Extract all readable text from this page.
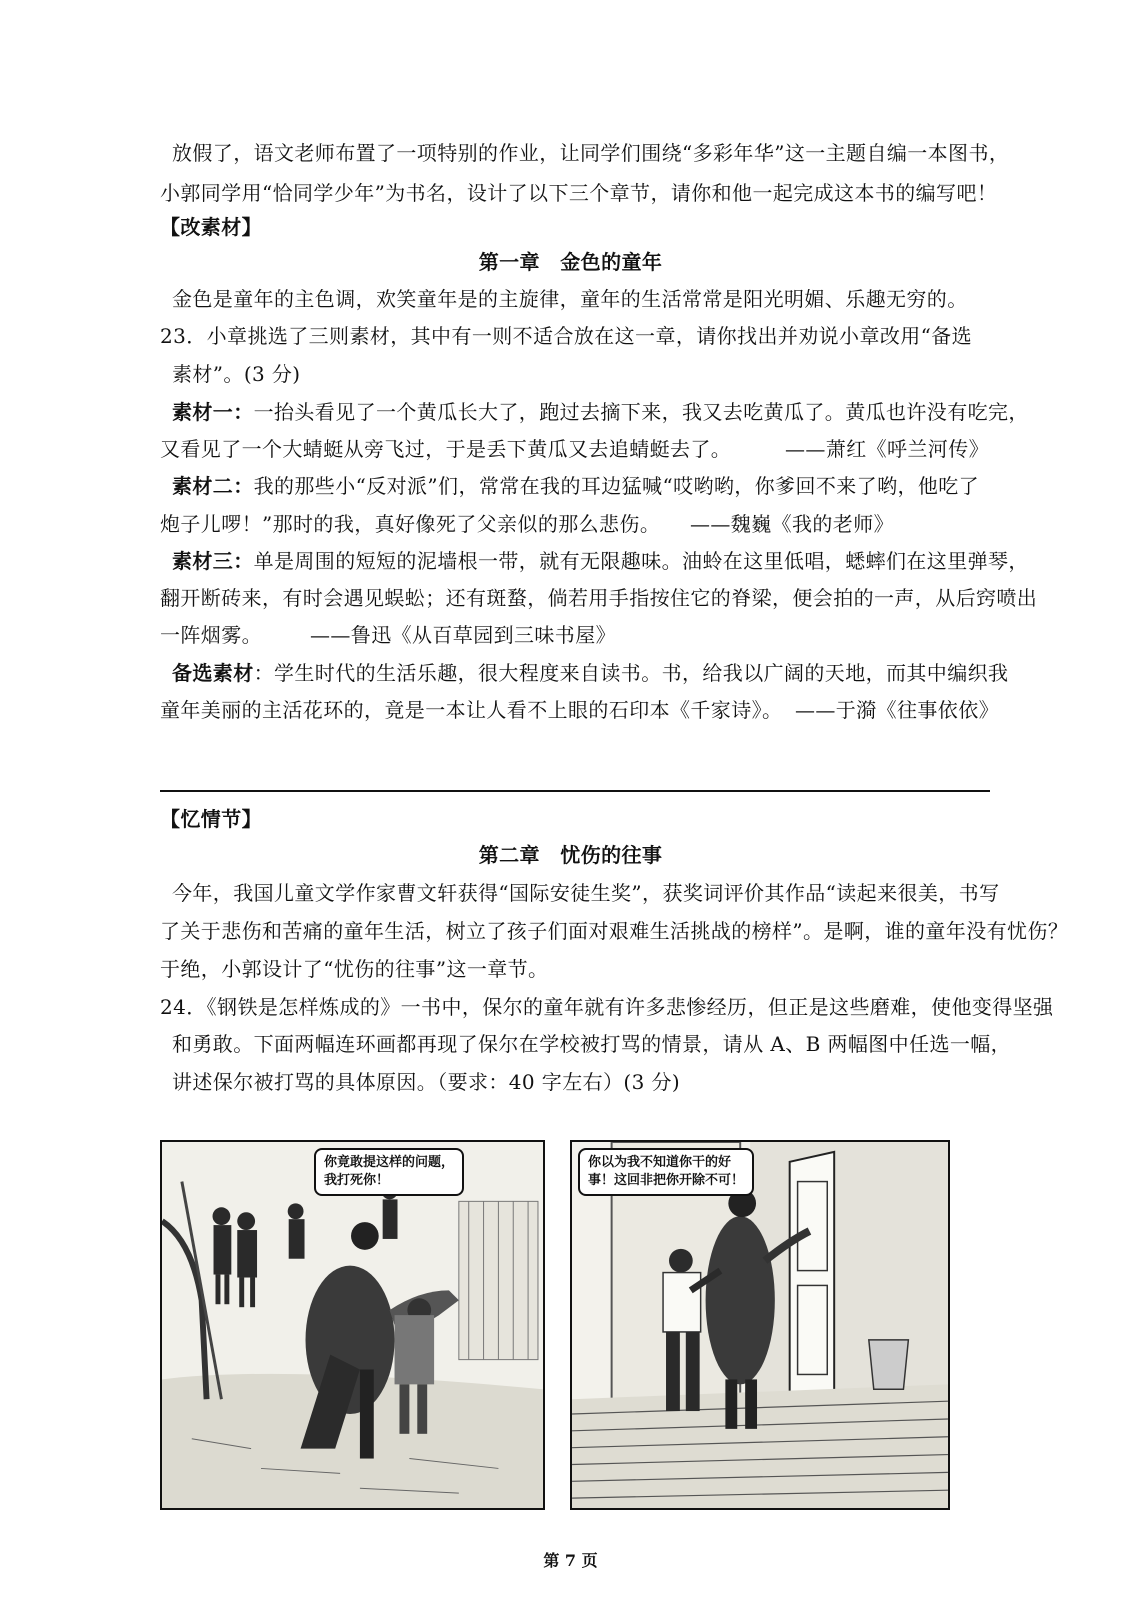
放假了，语文老师布置了一项特别的作业，让同学们围绕“多彩年华”这一主题自编一本图书，
小郭同学用“恰同学少年”为书名，设计了以下三个章节，请你和他一起完成这本书的编写吧！
【改素材】
第一章　金色的童年
金色是童年的主色调，欢笑童年是的主旋律，童年的生活常常是阳光明媚、乐趣无穷的。
23．小章挑选了三则素材，其中有一则不适合放在这一章，请你找出并劝说小章改用“备选
素材”。(3 分)
素材一：一抬头看见了一个黄瓜长大了，跑过去摘下来，我又去吃黄瓜了。黄瓜也许没有吃完，
又看见了一个大蜻蜓从旁飞过，于是丢下黄瓜又去追蜻蜓去了。	——萧红《呼兰河传》
素材二：我的那些小“反对派”们，常常在我的耳边猛喊“哎哟哟，你爹回不来了哟，他吃了
炮子儿啰！”那时的我，真好像死了父亲似的那么悲伤。 ——魏巍《我的老师》
素材三：单是周围的短短的泥墙根一带，就有无限趣味。油蛉在这里低唱，蟋蟀们在这里弹琴，
翻开断砖来，有时会遇见蜈蚣；还有斑蝥，倘若用手指按住它的脊梁，便会拍的一声，从后窍喷出
一阵烟雾。 ——鲁迅《从百草园到三味书屋》
备选素材：学生时代的生活乐趣，很大程度来自读书。书，给我以广阔的天地，而其中编织我
童年美丽的主活花环的，竟是一本让人看不上眼的石印本《千家诗》。 ——于漪《往事依依》
【忆情节】
第二章　忧伤的往事
今年，我国儿童文学作家曹文轩获得“国际安徒生奖”，获奖词评价其作品“读起来很美，书写
了关于悲伤和苦痛的童年生活，树立了孩子们面对艰难生活挑战的榜样”。是啊，谁的童年没有忧伤？
于绝，小郭设计了“忧伤的往事”这一章节。
24．《钢铁是怎样炼成的》一书中，保尔的童年就有许多悲惨经历，但正是这些磨难，使他变得坚强
和勇敢。下面两幅连环画都再现了保尔在学校被打骂的情景，请从 A、B 两幅图中任选一幅，
讲述保尔被打骂的具体原因。（要求：40 字左右）(3 分)
你竟敢提这样的问题，
我打死你！
你以为我不知道你干的好
事！这回非把你开除不可！
第 7 页
